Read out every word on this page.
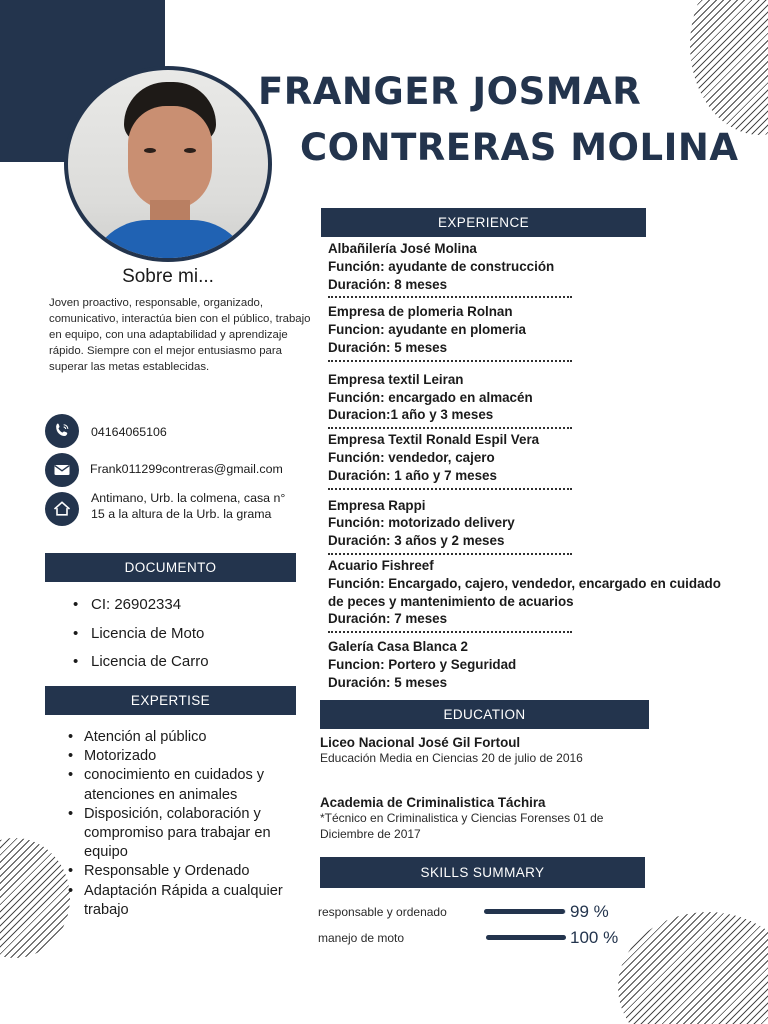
FRANGER JOSMAR
CONTRERAS MOLINA
Sobre mi...
Joven proactivo, responsable, organizado, comunicativo, interactúa bien con el público, trabajo en equipo, con una adaptabilidad y aprendizaje rápido. Siempre con el mejor entusiasmo para superar las metas establecidas.
04164065106
Frank011299contreras@gmail.com
Antimano, Urb. la colmena, casa n° 15 a la altura de la Urb. la grama
DOCUMENTO
• CI: 26902334
• Licencia de Moto
• Licencia de Carro
EXPERTISE
• Atención al público
• Motorizado
• conocimiento en cuidados y atenciones en animales
• Disposición, colaboración y compromiso para trabajar en equipo
• Responsable y Ordenado
• Adaptación Rápida a cualquier trabajo
EXPERIENCE
Albañilería José Molina
Función: ayudante de construcción
Duración: 8 meses
Empresa de plomeria Rolnan
Funcion: ayudante en plomeria
Duración: 5 meses
Empresa textil Leiran
Función: encargado en almacén
Duracion:1 año y 3 meses
Empresa Textil Ronald Espil Vera
Función: vendedor, cajero
Duración: 1 año y 7 meses
Empresa Rappi
Función: motorizado delivery
Duración: 3 años y 2 meses
Acuario Fishreef
Función: Encargado, cajero, vendedor, encargado en cuidado de peces y mantenimiento de acuarios
Duración: 7 meses
Galería Casa Blanca 2
Funcion: Portero y Seguridad
Duración: 5 meses
EDUCATION
Liceo Nacional José Gil Fortoul
Educación Media en Ciencias 20 de julio de 2016
Academia de Criminalistica Táchira
*Técnico en Criminalistica y Ciencias Forenses 01 de Diciembre de 2017
SKILLS SUMMARY
responsable y ordenado	99 %
manejo de moto	100 %
